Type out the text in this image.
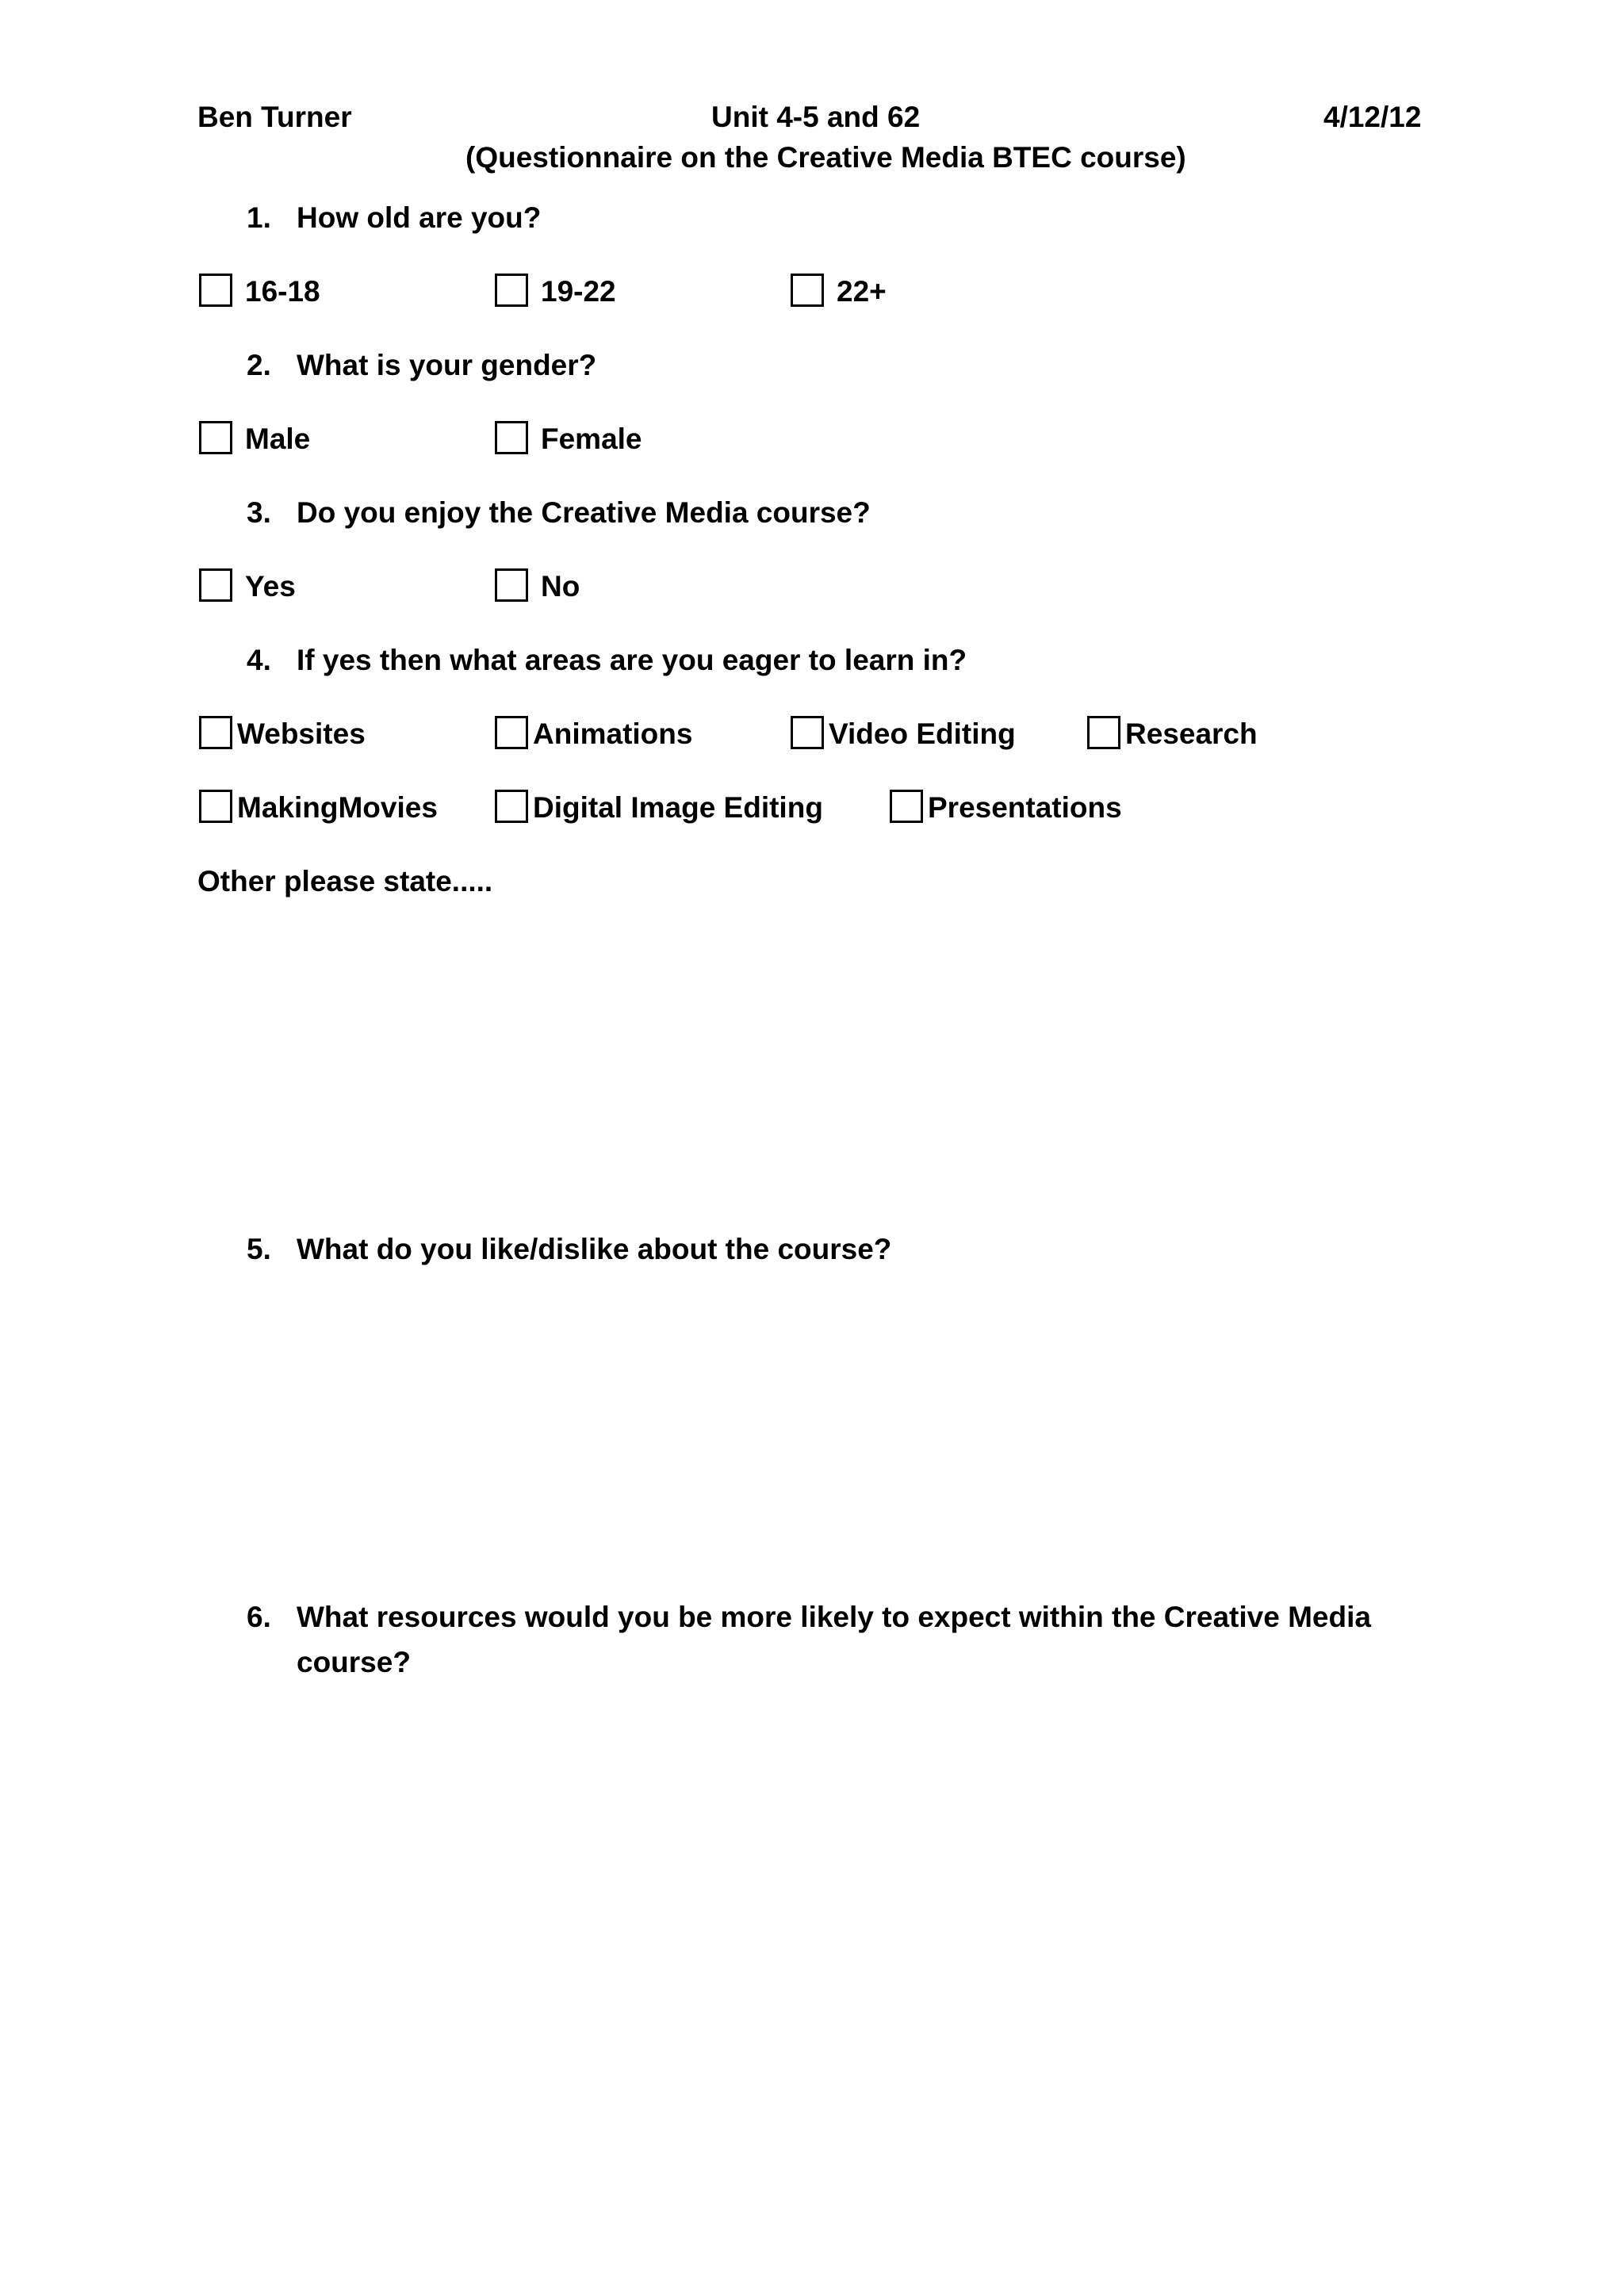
Ben Turner	Unit 4-5 and 62	4/12/12
(Questionnaire on the Creative Media BTEC course)
1. How old are you?
16-18	19-22	22+
2. What is your gender?
Male	Female
3. Do you enjoy the Creative Media course?
Yes	No
4. If yes then what areas are you eager to learn in?
Websites	Animations	Video Editing	Research
MakingMovies	Digital Image Editing	Presentations
Other please state.....
5. What do you like/dislike about the course?
6. What resources would you be more likely to expect within the Creative Media
course?
